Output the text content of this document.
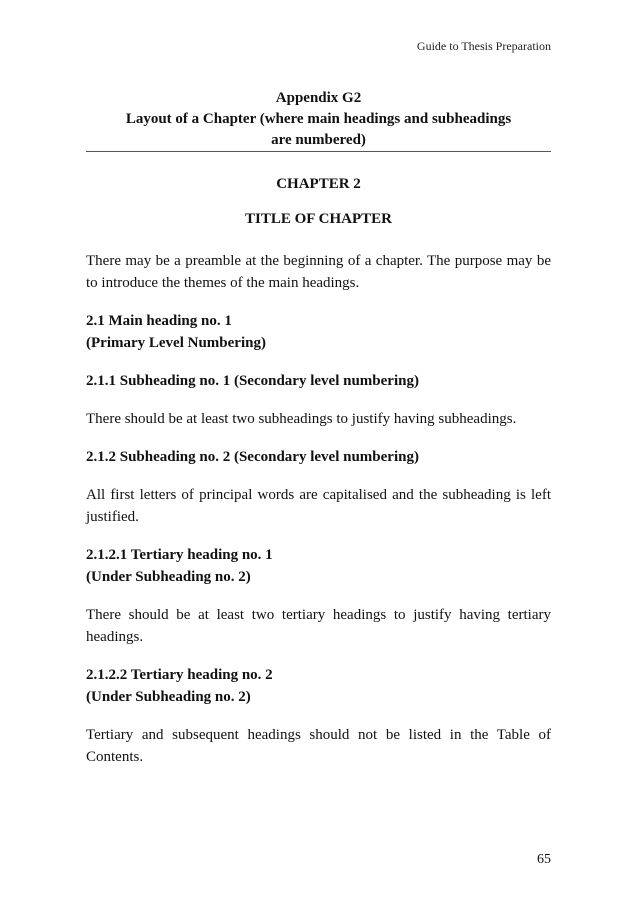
Guide to Thesis Preparation
Appendix G2
Layout of a Chapter (where main headings and subheadings
are numbered)
CHAPTER 2
TITLE OF CHAPTER

There may be a preamble at the beginning of a chapter. The purpose may be to introduce the themes of the main headings.

2.1 Main heading no. 1
(Primary Level Numbering)

2.1.1 Subheading no. 1 (Secondary level numbering)

There should be at least two subheadings to justify having subheadings.

2.1.2 Subheading no. 2 (Secondary level numbering)

All first letters of principal words are capitalised and the subheading is left justified.

2.1.2.1 Tertiary heading no. 1
(Under Subheading no. 2)

There should be at least two tertiary headings to justify having tertiary headings.

2.1.2.2 Tertiary heading no. 2
(Under Subheading no. 2)

Tertiary and subsequent headings should not be listed in the Table of Contents.

65
